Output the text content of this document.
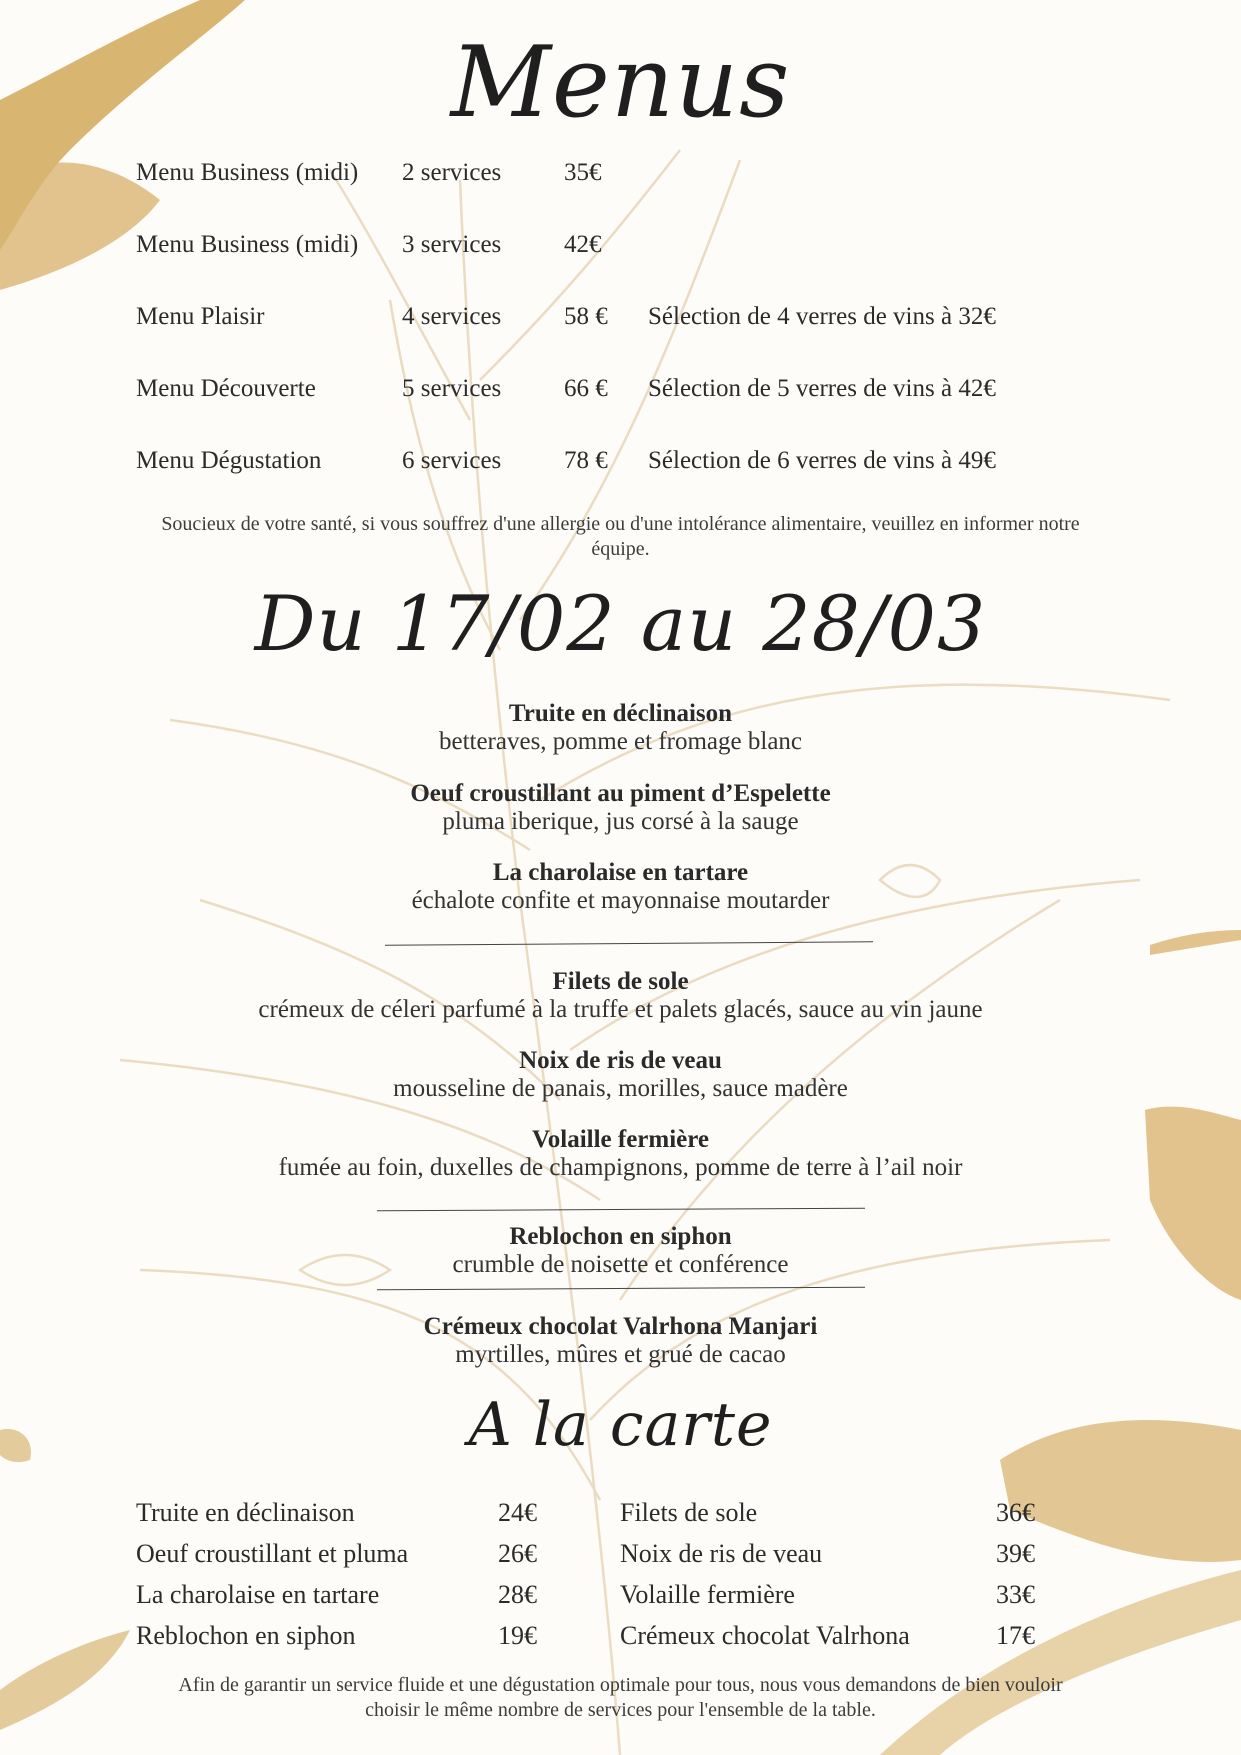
Menus
Menu Business (midi) 2 services	35€
Menu Business (midi) 3 services	42€
Menu Plaisir	4 services	58 € Sélection de 4 verres de vins à 32€
Menu Découverte	5 services	66 € Sélection de 5 verres de vins à 42€
Menu Dégustation	6 services	78 € Sélection de 6 verres de vins à 49€
Soucieux de votre santé, si vous souffrez d'une allergie ou d'une intolérance alimentaire, veuillez en informer notre équipe.
Du 17/02 au 28/03
Truite en déclinaison
betteraves, pomme et fromage blanc
Oeuf croustillant au piment d’Espelette
pluma iberique, jus corsé à la sauge
La charolaise en tartare
échalote confite et mayonnaise moutarder
Filets de sole
crémeux de céleri parfumé à la truffe et palets glacés, sauce au vin jaune
Noix de ris de veau
mousseline de panais, morilles, sauce madère
Volaille fermière
fumée au foin, duxelles de champignons, pomme de terre à l’ail noir
Reblochon en siphon
crumble de noisette et conférence
Crémeux chocolat Valrhona Manjari
myrtilles, mûres et grué de cacao
A la carte
Truite en déclinaison	24€
Oeuf croustillant et pluma	26€
La charolaise en tartare	28€
Reblochon en siphon	19€
Filets de sole	36€
Noix de ris de veau	39€
Volaille fermière	33€
Crémeux chocolat Valrhona	17€
Afin de garantir un service fluide et une dégustation optimale pour tous, nous vous demandons de bien vouloir choisir le même nombre de services pour l'ensemble de la table.
